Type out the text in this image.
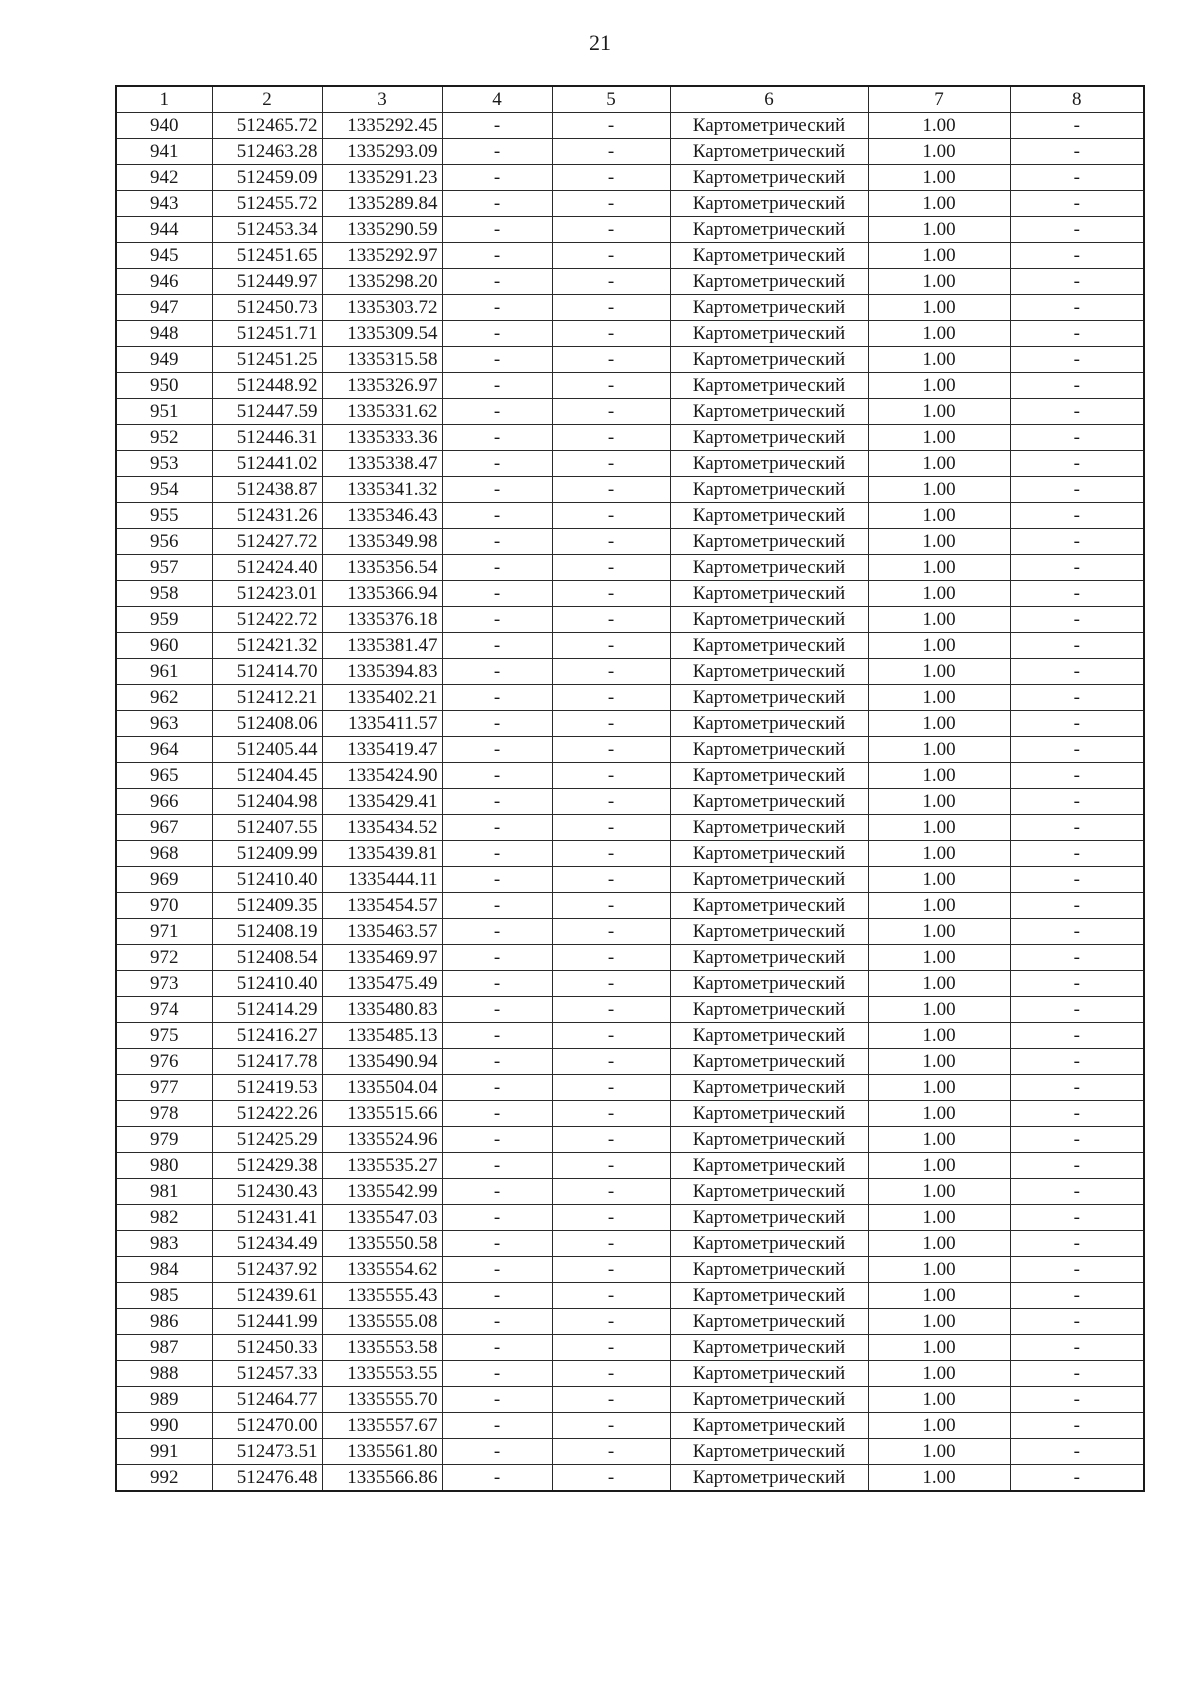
21
1	2	3	4	5	6	7	8
940	512465.72	1335292.45	-	-	Картометрический	1.00	-
941	512463.28	1335293.09	-	-	Картометрический	1.00	-
942	512459.09	1335291.23	-	-	Картометрический	1.00	-
943	512455.72	1335289.84	-	-	Картометрический	1.00	-
944	512453.34	1335290.59	-	-	Картометрический	1.00	-
945	512451.65	1335292.97	-	-	Картометрический	1.00	-
946	512449.97	1335298.20	-	-	Картометрический	1.00	-
947	512450.73	1335303.72	-	-	Картометрический	1.00	-
948	512451.71	1335309.54	-	-	Картометрический	1.00	-
949	512451.25	1335315.58	-	-	Картометрический	1.00	-
950	512448.92	1335326.97	-	-	Картометрический	1.00	-
951	512447.59	1335331.62	-	-	Картометрический	1.00	-
952	512446.31	1335333.36	-	-	Картометрический	1.00	-
953	512441.02	1335338.47	-	-	Картометрический	1.00	-
954	512438.87	1335341.32	-	-	Картометрический	1.00	-
955	512431.26	1335346.43	-	-	Картометрический	1.00	-
956	512427.72	1335349.98	-	-	Картометрический	1.00	-
957	512424.40	1335356.54	-	-	Картометрический	1.00	-
958	512423.01	1335366.94	-	-	Картометрический	1.00	-
959	512422.72	1335376.18	-	-	Картометрический	1.00	-
960	512421.32	1335381.47	-	-	Картометрический	1.00	-
961	512414.70	1335394.83	-	-	Картометрический	1.00	-
962	512412.21	1335402.21	-	-	Картометрический	1.00	-
963	512408.06	1335411.57	-	-	Картометрический	1.00	-
964	512405.44	1335419.47	-	-	Картометрический	1.00	-
965	512404.45	1335424.90	-	-	Картометрический	1.00	-
966	512404.98	1335429.41	-	-	Картометрический	1.00	-
967	512407.55	1335434.52	-	-	Картометрический	1.00	-
968	512409.99	1335439.81	-	-	Картометрический	1.00	-
969	512410.40	1335444.11	-	-	Картометрический	1.00	-
970	512409.35	1335454.57	-	-	Картометрический	1.00	-
971	512408.19	1335463.57	-	-	Картометрический	1.00	-
972	512408.54	1335469.97	-	-	Картометрический	1.00	-
973	512410.40	1335475.49	-	-	Картометрический	1.00	-
974	512414.29	1335480.83	-	-	Картометрический	1.00	-
975	512416.27	1335485.13	-	-	Картометрический	1.00	-
976	512417.78	1335490.94	-	-	Картометрический	1.00	-
977	512419.53	1335504.04	-	-	Картометрический	1.00	-
978	512422.26	1335515.66	-	-	Картометрический	1.00	-
979	512425.29	1335524.96	-	-	Картометрический	1.00	-
980	512429.38	1335535.27	-	-	Картометрический	1.00	-
981	512430.43	1335542.99	-	-	Картометрический	1.00	-
982	512431.41	1335547.03	-	-	Картометрический	1.00	-
983	512434.49	1335550.58	-	-	Картометрический	1.00	-
984	512437.92	1335554.62	-	-	Картометрический	1.00	-
985	512439.61	1335555.43	-	-	Картометрический	1.00	-
986	512441.99	1335555.08	-	-	Картометрический	1.00	-
987	512450.33	1335553.58	-	-	Картометрический	1.00	-
988	512457.33	1335553.55	-	-	Картометрический	1.00	-
989	512464.77	1335555.70	-	-	Картометрический	1.00	-
990	512470.00	1335557.67	-	-	Картометрический	1.00	-
991	512473.51	1335561.80	-	-	Картометрический	1.00	-
992	512476.48	1335566.86	-	-	Картометрический	1.00	-
